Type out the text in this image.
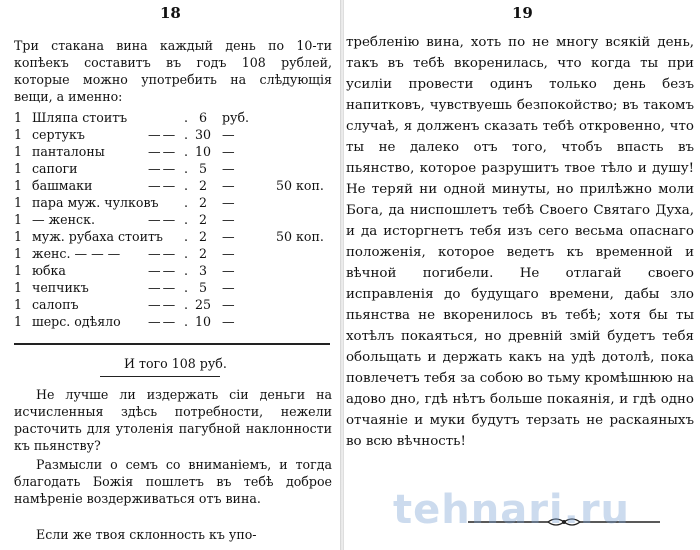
18
Три стакана вина каждый день по 10-ти копѣекъ составитъ въ годъ 108 рублей, которые можно употребить на слѣдующія вещи, а именно:
1 Шляпа стоитъ	6	руб.
.
1 сертукъ	— — 30 —
.
1 панталоны	— — 10 —
.
1 сапоги	— —	5	—
.
1 башмаки	— —	2	—	50 коп.
.
1 пара муж. чулковъ	2	—
.
1 — женск.	— —	2	—
.
1 муж. рубаха стоитъ	2	—	50 коп.
.
1 женс. — — — — —	2	—
.
1 юбка	— —	3	—
.
1 чепчикъ	— —	5	—
.
1 салопъ	— — 25 —
.
1 шерс. одѣяло — — 10 —
.
И того 108 руб.
Не лучше ли издержать сіи деньги на исчисленныя здѣсь потребности, нежели расточить для утоленія пагубной наклонности къ пьянству?
Размысли о семъ со вниманіемъ, и тогда благодать Божія пошлетъ въ тебѣ доброе намѣреніе воздерживаться отъ вина.
Если же твоя склонность къ упо-
19
требленію вина, хоть по не многу всякій день, такъ въ тебѣ вкоренилась, что когда ты при усиліи провести одинъ только день безъ напитковъ, чувствуешь безпокойство; въ такомъ случаѣ, я долженъ сказать тебѣ откровенно, что ты не далеко отъ того, чтобъ впасть въ пьянство, которое разрушитъ твое тѣло и душу! Не теряй ни одной минуты, но прилѣжно моли Бога, да ниспошлетъ тебѣ Своего Святаго Духа, и да исторгнетъ тебя изъ сего весьма опаснаго положенія, которое ведетъ къ временной и вѣчной погибели. Не отлагай своего исправленія до будущаго времени, дабы зло пьянства не вкоренилось въ тебѣ; хотя бы ты хотѣлъ покаяться, но древній змій будетъ тебя обольщать и держать какъ на удѣ дотолѣ, пока повлечетъ тебя за собою во тьму кромѣшнюю на адово дно, гдѣ нѣтъ больше покаянія, и гдѣ одно отчаяніе и муки будутъ терзать не раскаяныхъ во всю вѣчность!
tehnari.ru
